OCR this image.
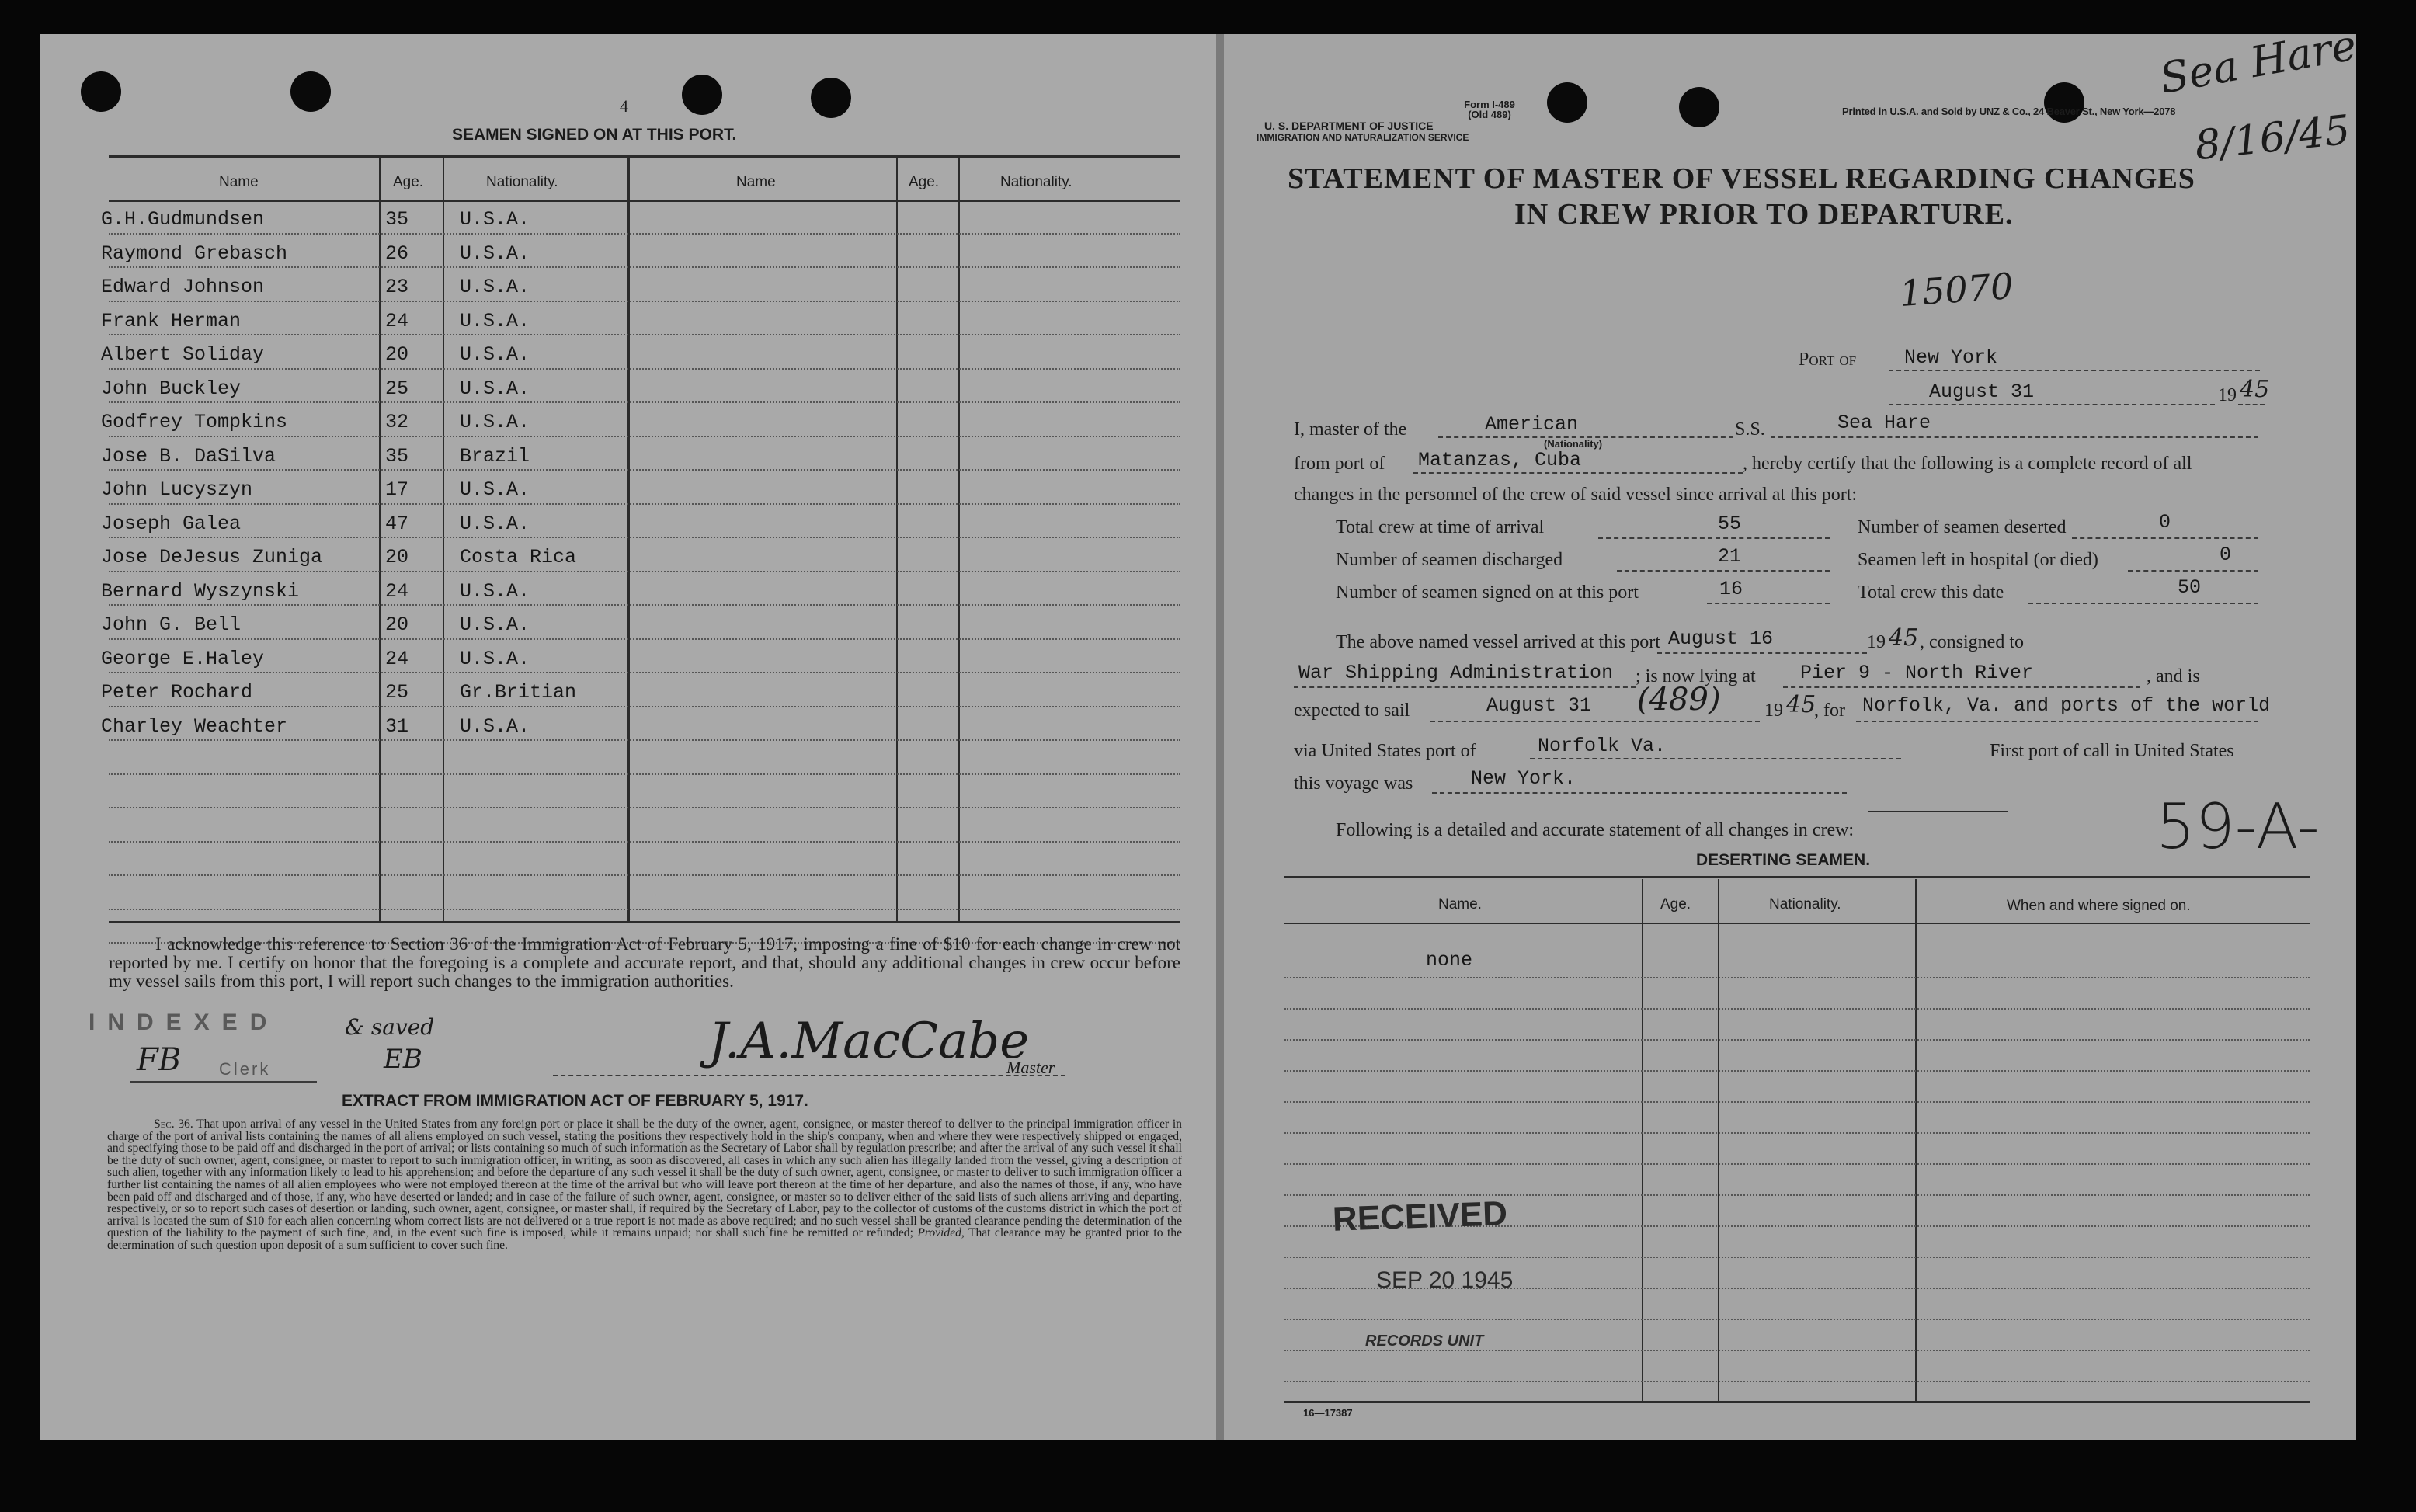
4
SEAMEN SIGNED ON AT THIS PORT.
Name	Age.	Nationality.	Name	Age.	Nationality.
G.H.Gudmundsen	35	U.S.A.
Raymond Grebasch	26	U.S.A.
Edward Johnson	23	U.S.A.
Frank Herman	24	U.S.A.
Albert Soliday	20	U.S.A.
John Buckley	25	U.S.A.
Godfrey Tompkins	32	U.S.A.
Jose B. DaSilva	35	Brazil
John Lucyszyn	17	U.S.A.
Joseph Galea	47	U.S.A.
Jose DeJesus Zuniga	20	Costa Rica
Bernard Wyszynski	24	U.S.A.
John G. Bell	20	U.S.A.
George E.Haley	24	U.S.A.
Peter Rochard	25	Gr.Britian
Charley Weachter	31	U.S.A.
I acknowledge this reference to Section 36 of the Immigration Act of February 5, 1917, imposing a fine of $10 for each change in crew not reported by me. I certify on honor that the foregoing is a complete and accurate report, and that, should any additional changes in crew occur before my vessel sails from this port, I will report such changes to the immigration authorities.
INDEXED
FB Clerk
& saved
EB	J.A.MacCabe
Master
EXTRACT FROM IMMIGRATION ACT OF FEBRUARY 5, 1917.
Sec. 36. That upon arrival of any vessel in the United States from any foreign port or place it shall be the duty of the owner, agent, consignee, or master thereof to deliver to the principal immigration officer in charge of the port of arrival lists containing the names of all aliens employed on such vessel, stating the positions they respectively hold in the ship's company, when and where they were respectively shipped or engaged, and specifying those to be paid off and discharged in the port of arrival; or lists containing so much of such information as the Secretary of Labor shall by regulation prescribe; and after the arrival of any such vessel it shall be the duty of such owner, agent, consignee, or master to report to such immigration officer, in writing, as soon as discovered, all cases in which any such alien has illegally landed from the vessel, giving a description of such alien, together with any information likely to lead to his apprehension; and before the departure of any such vessel it shall be the duty of such owner, agent, consignee, or master to deliver to such immigration officer a further list containing the names of all alien employees who were not employed thereon at the time of the arrival but who will leave port thereon at the time of her departure, and also the names of those, if any, who have been paid off and discharged and of those, if any, who have deserted or landed; and in case of the failure of such owner, agent, consignee, or master so to deliver either of the said lists of such aliens arriving and departing, respectively, or so to report such cases of desertion or landing, such owner, agent, consignee, or master shall, if required by the Secretary of Labor, pay to the collector of customs of the customs district in which the port of arrival is located the sum of $10 for each alien concerning whom correct lists are not delivered or a true report is not made as above required; and no such vessel shall be granted clearance pending the determination of the question of the liability to the payment of such fine, and, in the event such fine is imposed, while it remains unpaid; nor shall such fine be remitted or refunded; Provided, That clearance may be granted prior to the determination of such question upon deposit of a sum sufficient to cover such fine.
Form I-489
(Old 489)
U. S. DEPARTMENT OF JUSTICE
IMMIGRATION AND NATURALIZATION SERVICE
Printed in U.S.A. and Sold by UNZ & Co., 24 Beaver St., New York—2078
Sea Hare
8/16/45
STATEMENT OF MASTER OF VESSEL REGARDING CHANGES
IN CREW PRIOR TO DEPARTURE.
15070
Port of New York
August 31	19 45
I, master of the	American
(Nationality)
S.S.	Sea Hare
from port of Matanzas, Cuba	, hereby certify that the following is a complete record of all
changes in the personnel of the crew of said vessel since arrival at this port:
Total crew at time of arrival	55	Number of seamen deserted	0
Number of seamen discharged	21	Seamen left in hospital (or died)	0
Number of seamen signed on at this port	16	Total crew this date	50
The above named vessel arrived at this port August 16	19 45 , consigned to
War Shipping Administration ; is now lying at Pier 9 - North River	, and is
expected to sail	August 31 (489) 19 45
, for Norfolk, Va. and ports of the world
via United States port of	Norfolk Va.	First port of call in United States
this voyage was	New York.
Following is a detailed and accurate statement of all changes in crew:	59-A-
DESERTING SEAMEN.
Name.	Age.	Nationality.	When and where signed on.
none
RECEIVED
SEP 20 1945
RECORDS UNIT
16—17387
